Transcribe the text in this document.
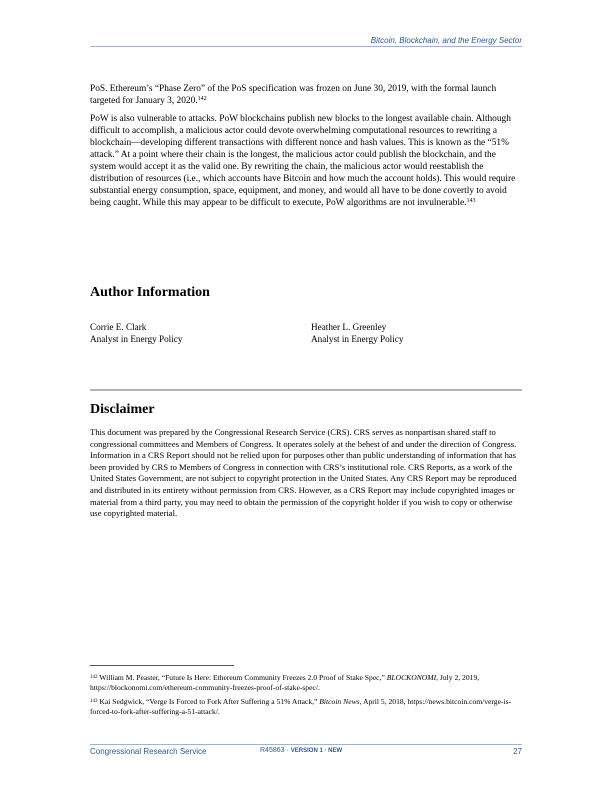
Bitcoin, Blockchain, and the Energy Sector

PoS. Ethereum’s “Phase Zero” of the PoS specification was frozen on June 30, 2019, with the formal launch targeted for January 3, 2020.$^{142}$

PoW is also vulnerable to attacks. PoW blockchains publish new blocks to the longest available chain. Although difficult to accomplish, a malicious actor could devote overwhelming computational resources to rewriting a blockchain—developing different transactions with different nonce and hash values. This is known as the “51% attack.” At a point where their chain is the longest, the malicious actor could publish the blockchain, and the system would accept it as the valid one. By rewriting the chain, the malicious actor would reestablish the distribution of resources (i.e., which accounts have Bitcoin and how much the account holds). This would require substantial energy consumption, space, equipment, and money, and would all have to be done covertly to avoid being caught. While this may appear to be difficult to execute, PoW algorithms are not invulnerable.$^{143}$

Author Information
Corrie E. Clark
Analyst in Energy Policy
Heather L. Greenley
Analyst in Energy Policy
Disclaimer

This document was prepared by the Congressional Research Service (CRS). CRS serves as nonpartisan shared staff to congressional committees and Members of Congress. It operates solely at the behest of and under the direction of Congress. Information in a CRS Report should not be relied upon for purposes other than public understanding of information that has been provided by CRS to Members of Congress in connection with CRS’s institutional role. CRS Reports, as a work of the United States Government, are not subject to copyright protection in the United States. Any CRS Report may be reproduced and distributed in its entirety without permission from CRS. However, as a CRS Report may include copyrighted images or material from a third party, you may need to obtain the permission of the copyright holder if you wish to copy or otherwise use copyrighted material.

$^{142}$ William M. Peaster, “Future Is Here: Ethereum Community Freezes 2.0 Proof of Stake Spec,” BLOCKONOMI, July 2, 2019, https://blockonomi.com/ethereum-community-freezes-proof-of-stake-spec/.

$^{143}$ Kai Sedgwick, “Verge Is Forced to Fork After Suffering a 51% Attack,” Bitcoin News, April 5, 2018, https://news.bitcoin.com/verge-is-forced-to-fork-after-suffering-a-51-attack/.

Congressional Research Service	R45863 · VERSION 1 · NEW	27
